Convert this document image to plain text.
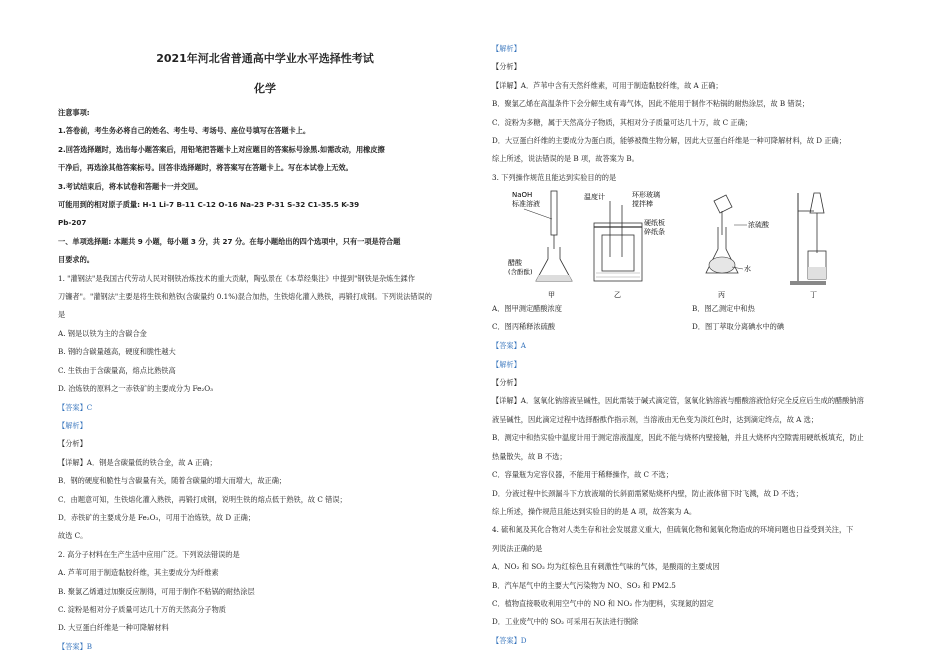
2021年河北省普通高中学业水平选择性考试
化学
注意事项:
1.答卷前，考生务必将自己的姓名、考生号、考场号、座位号填写在答题卡上。
2.回答选择题时，选出每小题答案后，用铅笔把答题卡上对应题目的答案标号涂黑.如需改动，用橡皮擦
干净后，再选涂其他答案标号。回答非选择题时，将答案写在答题卡上。写在本试卷上无效。
3.考试结束后，将本试卷和答题卡一并交回。
可能用到的相对原子质量: H-1 Li-7 B-11 C-12 O-16 Na-23 P-31 S-32 C1-35.5 K-39
Pb-207
一、单项选择题: 本题共 9 小题，每小题 3 分，共 27 分。在每小题给出的四个选项中，只有一项是符合题
目要求的。
1. "灌钢法"是我国古代劳动人民对钢铁冶炼技术的重大贡献，陶弘景在《本草经集注》中提到"钢铁是杂炼生鍒作
刀镰者"。"灌钢法"主要是将生铁和熟铁(含碳量约 0.1%)混合加热，生铁熔化灌入熟铁，再锻打成钢。下列说法错误的
是
A. 钢是以铁为主的含碳合金
B. 钢的含碳量越高，硬度和脆性越大
C. 生铁由于含碳量高，熔点比熟铁高
D. 冶炼铁的原料之一赤铁矿的主要成分为 Fe₂O₃
【答案】C
【解析】
【分析】
【详解】A．钢是含碳量低的铁合金，故 A 正确；
B．钢的硬度和脆性与含碳量有关，随着含碳量的增大而增大，故正确；
C．由题意可知，生铁熔化灌入熟铁，再锻打成钢，说明生铁的熔点低于熟铁，故 C 错误；
D．赤铁矿的主要成分是 Fe₂O₃，可用于冶炼铁，故 D 正确；
故选 C。
2. 高分子材料在生产生活中应用广泛。下列说法错误的是
A. 芦苇可用于制造黏胶纤维，其主要成分为纤维素
B. 聚氯乙烯通过加聚反应制得，可用于制作不粘锅的耐热涂层
C. 淀粉是相对分子质量可达几十万的天然高分子物质
D. 大豆蛋白纤维是一种可降解材料
【答案】B
【解析】
【分析】
【详解】A．芦苇中含有天然纤维素，可用于制造黏胶纤维，故 A 正确；
B．聚氯乙烯在高温条件下会分解生成有毒气体，因此不能用于制作不粘锅的耐热涂层，故 B 错误；
C．淀粉为多糖，属于天然高分子物质，其相对分子质量可达几十万，故 C 正确；
D．大豆蛋白纤维的主要成分为蛋白质，能够被微生物分解，因此大豆蛋白纤维是一种可降解材料，故 D 正确；
综上所述，说法错误的是 B 项，故答案为 B。
3. 下列操作规范且能达到实验目的的是
NaOH
标准溶液
醋酸
(含酚酞)
甲
温度计	环形玻璃
搅拌棒
硬纸板
碎纸条
乙
浓硫酸
水
丙	丁
A．图甲测定醋酸浓度	B．图乙测定中和热
C．图丙稀释浓硫酸	D．图丁萃取分离碘水中的碘
【答案】A
【解析】
【分析】
【详解】A．氢氧化钠溶液呈碱性，因此需装于碱式滴定管，氢氧化钠溶液与醋酸溶液恰好完全反应后生成的醋酸钠溶
液呈碱性，因此滴定过程中选择酚酞作指示剂，当溶液由无色变为淡红色时，达到滴定终点，故 A 选；
B．测定中和热实验中温度计用于测定溶液温度，因此不能与烧杯内壁接触，并且大烧杯内空隙需用硬纸板填充，防止
热量散失，故 B 不选；
C．容量瓶为定容仪器，不能用于稀释操作，故 C 不选；
D．分液过程中长颈漏斗下方放液端的长斜面需紧贴烧杯内壁，防止液体留下时飞溅，故 D 不选；
综上所述，操作规范且能达到实验目的的是 A 项，故答案为 A。
4. 硫和氮及其化合物对人类生存和社会发展意义重大，但硫氧化物和氮氧化物造成的环境问题也日益受到关注，下
列说法正确的是
A．NO₂ 和 SO₂ 均为红棕色且有刺激性气味的气体，是酸雨的主要成因
B．汽车尾气中的主要大气污染物为 NO、SO₂ 和 PM2.5
C．植物直接吸收利用空气中的 NO 和 NO₂ 作为肥料，实现氮的固定
D．工业废气中的 SO₂ 可采用石灰法进行脱除
【答案】D
